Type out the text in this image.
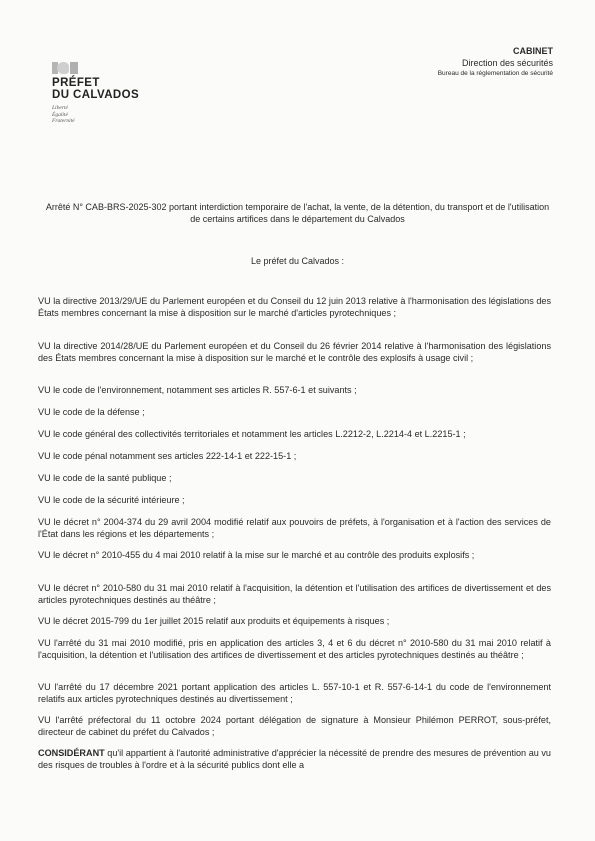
PRÉFET
DU CALVADOS
Liberté
Égalité
Fraternité
CABINET
Direction des sécurités
Bureau de la réglementation de sécurité
Arrêté N° CAB-BRS-2025-302 portant interdiction temporaire de l'achat, la vente, de la détention, du transport et de l'utilisation de certains artifices dans le département du Calvados
Le préfet du Calvados :

VU la directive 2013/29/UE du Parlement européen et du Conseil du 12 juin 2013 relative à l'harmonisation des législations des États membres concernant la mise à disposition sur le marché d'articles pyrotechniques ;

VU la directive 2014/28/UE du Parlement européen et du Conseil du 26 février 2014 relative à l'harmonisation des législations des États membres concernant la mise à disposition sur le marché et le contrôle des explosifs à usage civil ;

VU le code de l'environnement, notamment ses articles R. 557-6-1 et suivants ;

VU le code de la défense ;

VU le code général des collectivités territoriales et notamment les articles L.2212-2, L.2214-4 et L.2215-1 ;

VU le code pénal notamment ses articles 222-14-1 et 222-15-1 ;

VU le code de la santé publique ;

VU le code de la sécurité intérieure ;

VU le décret n° 2004-374 du 29 avril 2004 modifié relatif aux pouvoirs de préfets, à l'organisation et à l'action des services de l'État dans les régions et les départements ;

VU le décret n° 2010-455 du 4 mai 2010 relatif à la mise sur le marché et au contrôle des produits explosifs ;

VU le décret n° 2010-580 du 31 mai 2010 relatif à l'acquisition, la détention et l'utilisation des artifices de divertissement et des articles pyrotechniques destinés au théâtre ;

VU le décret 2015-799 du 1er juillet 2015 relatif aux produits et équipements à risques ;

VU l'arrêté du 31 mai 2010 modifié, pris en application des articles 3, 4 et 6 du décret n° 2010-580 du 31 mai 2010 relatif à l'acquisition, la détention et l'utilisation des artifices de divertissement et des articles pyrotechniques destinés au théâtre ;

VU l'arrêté du 17 décembre 2021 portant application des articles L. 557-10-1 et R. 557-6-14-1 du code de l'environnement relatifs aux articles pyrotechniques destinés au divertissement ;

VU l'arrêté préfectoral du 11 octobre 2024 portant délégation de signature à Monsieur Philémon PERROT, sous-préfet, directeur de cabinet du préfet du Calvados ;

CONSIDÉRANT qu'il appartient à l'autorité administrative d'apprécier la nécessité de prendre des mesures de prévention au vu des risques de troubles à l'ordre et à la sécurité publics dont elle a
